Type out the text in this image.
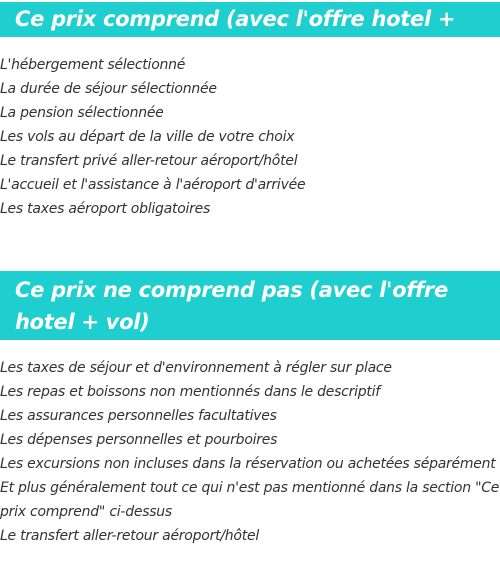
Ce prix comprend (avec l'offre hotel + vol)
L'hébergement sélectionné
La durée de séjour sélectionnée
La pension sélectionnée
Les vols au départ de la ville de votre choix
Le transfert privé aller-retour aéroport/hôtel
L'accueil et l'assistance à l'aéroport d'arrivée
Les taxes aéroport obligatoires
Ce prix ne comprend pas (avec l'offre hotel + vol)
Les taxes de séjour et d'environnement à régler sur place
Les repas et boissons non mentionnés dans le descriptif
Les assurances personnelles facultatives
Les dépenses personnelles et pourboires
Les excursions non incluses dans la réservation ou achetées séparément
Et plus généralement tout ce qui n'est pas mentionné dans la section "Ce prix comprend" ci-dessus
Le transfert aller-retour aéroport/hôtel
